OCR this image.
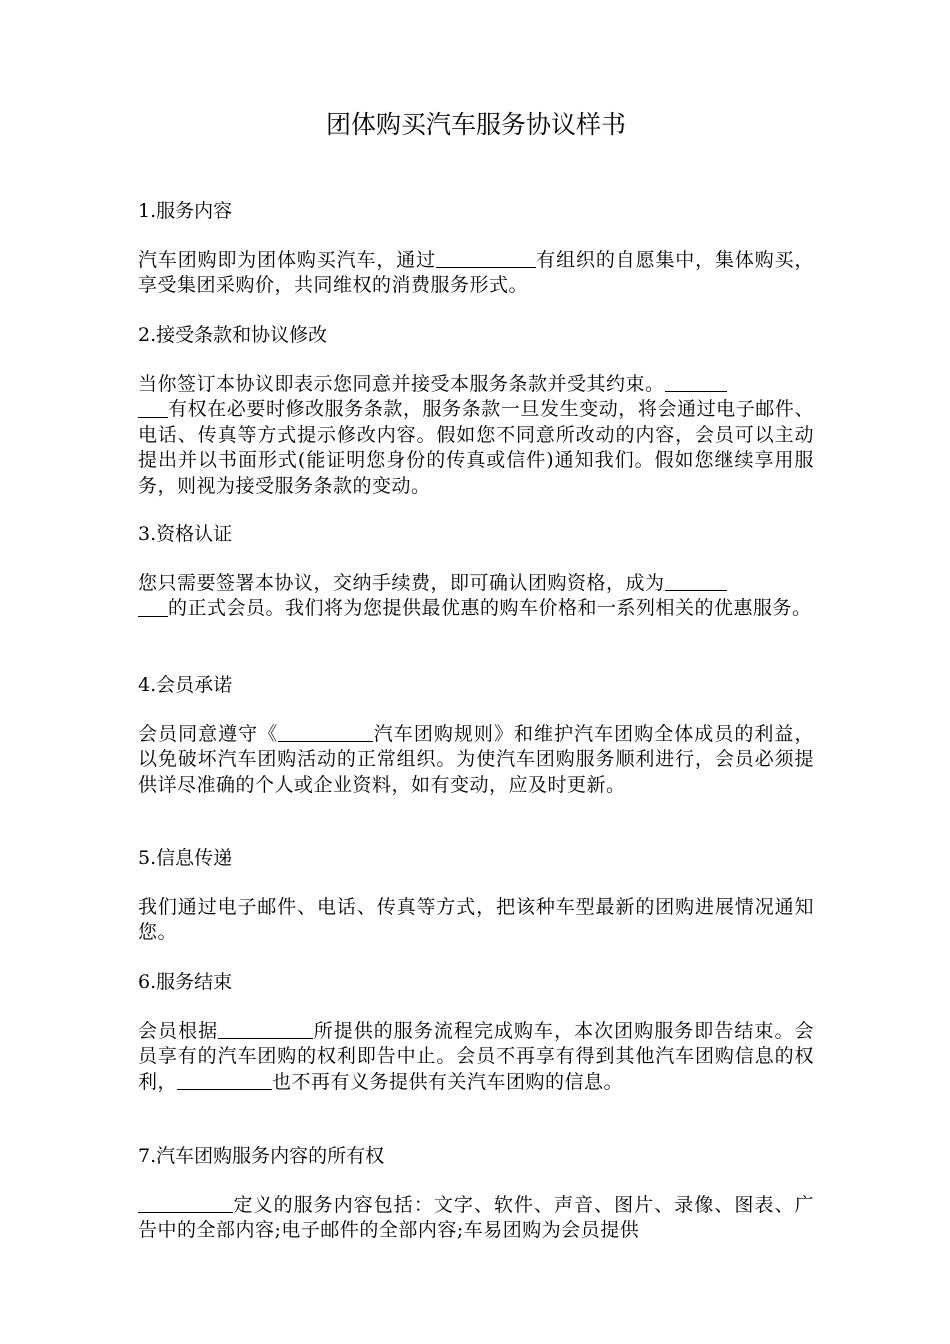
团体购买汽车服务协议样书

1.服务内容

汽车团购即为团体购买汽车，通过	有组织的自愿集中，集体购买，享受集团采购价，共同维权的消费服务形式。

2.接受条款和协议修改

当你签订本协议即表示您同意并接受本服务条款并受其约束。
有权在必要时修改服务条款，服务条款一旦发生变动，将会通过电子邮件、电话、传真等方式提示修改内容。假如您不同意所改动的内容，会员可以主动提出并以书面形式(能证明您身份的传真或信件)通知我们。假如您继续享用服务，则视为接受服务条款的变动。

3.资格认证

您只需要签署本协议，交纳手续费，即可确认团购资格，成为
的正式会员。我们将为您提供最优惠的购车价格和一系列相关的优惠服务。

4.会员承诺

会员同意遵守《	汽车团购规则》和维护汽车团购全体成员的利益，以免破坏汽车团购活动的正常组织。为使汽车团购服务顺利进行，会员必须提供详尽准确的个人或企业资料，如有变动，应及时更新。

5.信息传递

我们通过电子邮件、电话、传真等方式，把该种车型最新的团购进展情况通知您。

6.服务结束

会员根据	所提供的服务流程完成购车，本次团购服务即告结束。会员享有的汽车团购的权利即告中止。会员不再享有得到其他汽车团购信息的权利，	也不再有义务提供有关汽车团购的信息。

7.汽车团购服务内容的所有权

定义的服务内容包括：文字、软件、声音、图片、录像、图表、广告中的全部内容;电子邮件的全部内容;车易团购为会员提供
